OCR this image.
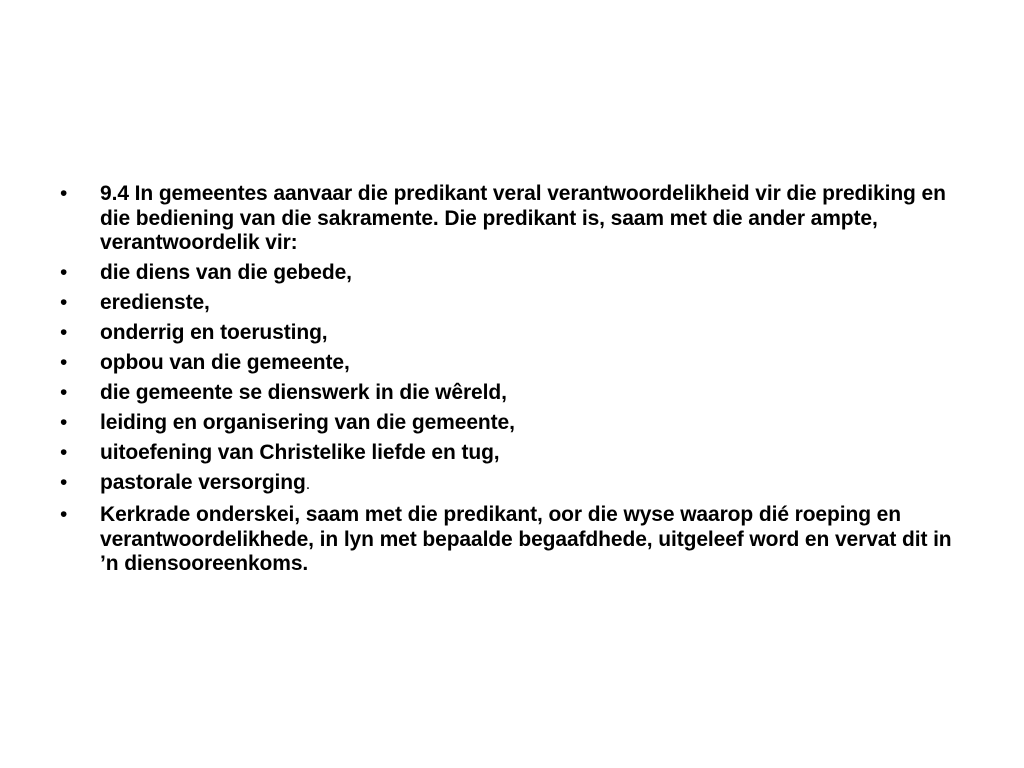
•	9.4 In gemeentes aanvaar die predikant veral verantwoordelikheid vir die prediking en die bediening van die sakramente. Die predikant is, saam met die ander ampte, verantwoordelik vir:
•	die diens van die gebede,
•	eredienste,
•	onderrig en toerusting,
•	opbou van die gemeente,
•	die gemeente se dienswerk in die wêreld,
•	leiding en organisering van die gemeente,
•	uitoefening van Christelike liefde en tug,
•	pastorale versorging.
•	Kerkrade onderskei, saam met die predikant, oor die wyse waarop dié roeping en verantwoordelikhede, in lyn met bepaalde begaafdhede, uitgeleef word en vervat dit in ’n diensooreenkoms.
